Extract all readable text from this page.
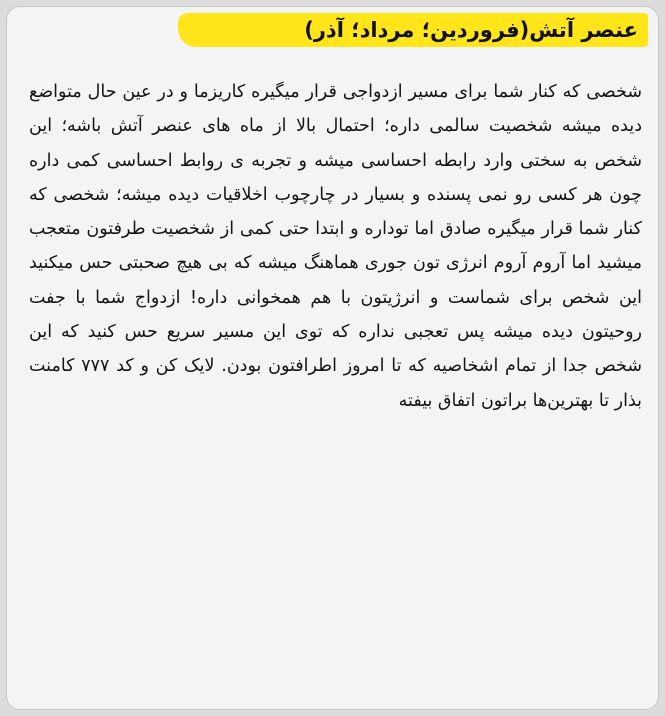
عنصر آتش(فروردین؛ مرداد؛ آذر)
شخصی که کنار شما برای مسیر ازدواجی قرار میگیره کاریزما و در عین حال متواضع دیده میشه شخصیت سالمی داره؛ احتمال بالا از ماه های عنصر آتش باشه؛ این شخص به سختی وارد رابطه احساسی میشه و تجربه ی روابط احساسی کمی داره چون هر کسی رو نمی پسنده و بسیار در چارچوب اخلاقیات دیده میشه؛ شخصی که کنار شما قرار میگیره صادق اما توداره و ابتدا حتی کمی از شخصیت طرفتون متعجب میشید اما آروم آروم انرژی تون جوری هماهنگ میشه که بی هیچ صحبتی حس میکنید این شخص برای شماست و انرژیتون با هم همخوانی داره! ازدواج شما با جفت روحیتون دیده میشه پس تعجبی نداره که توی این مسیر سریع حس کنید که این شخص جدا از تمام اشخاصیه که تا امروز اطرافتون بودن. لایک کن و کد ۷۷۷ کامنت بذار تا بهترین‌ها براتون اتفاق بیفته
